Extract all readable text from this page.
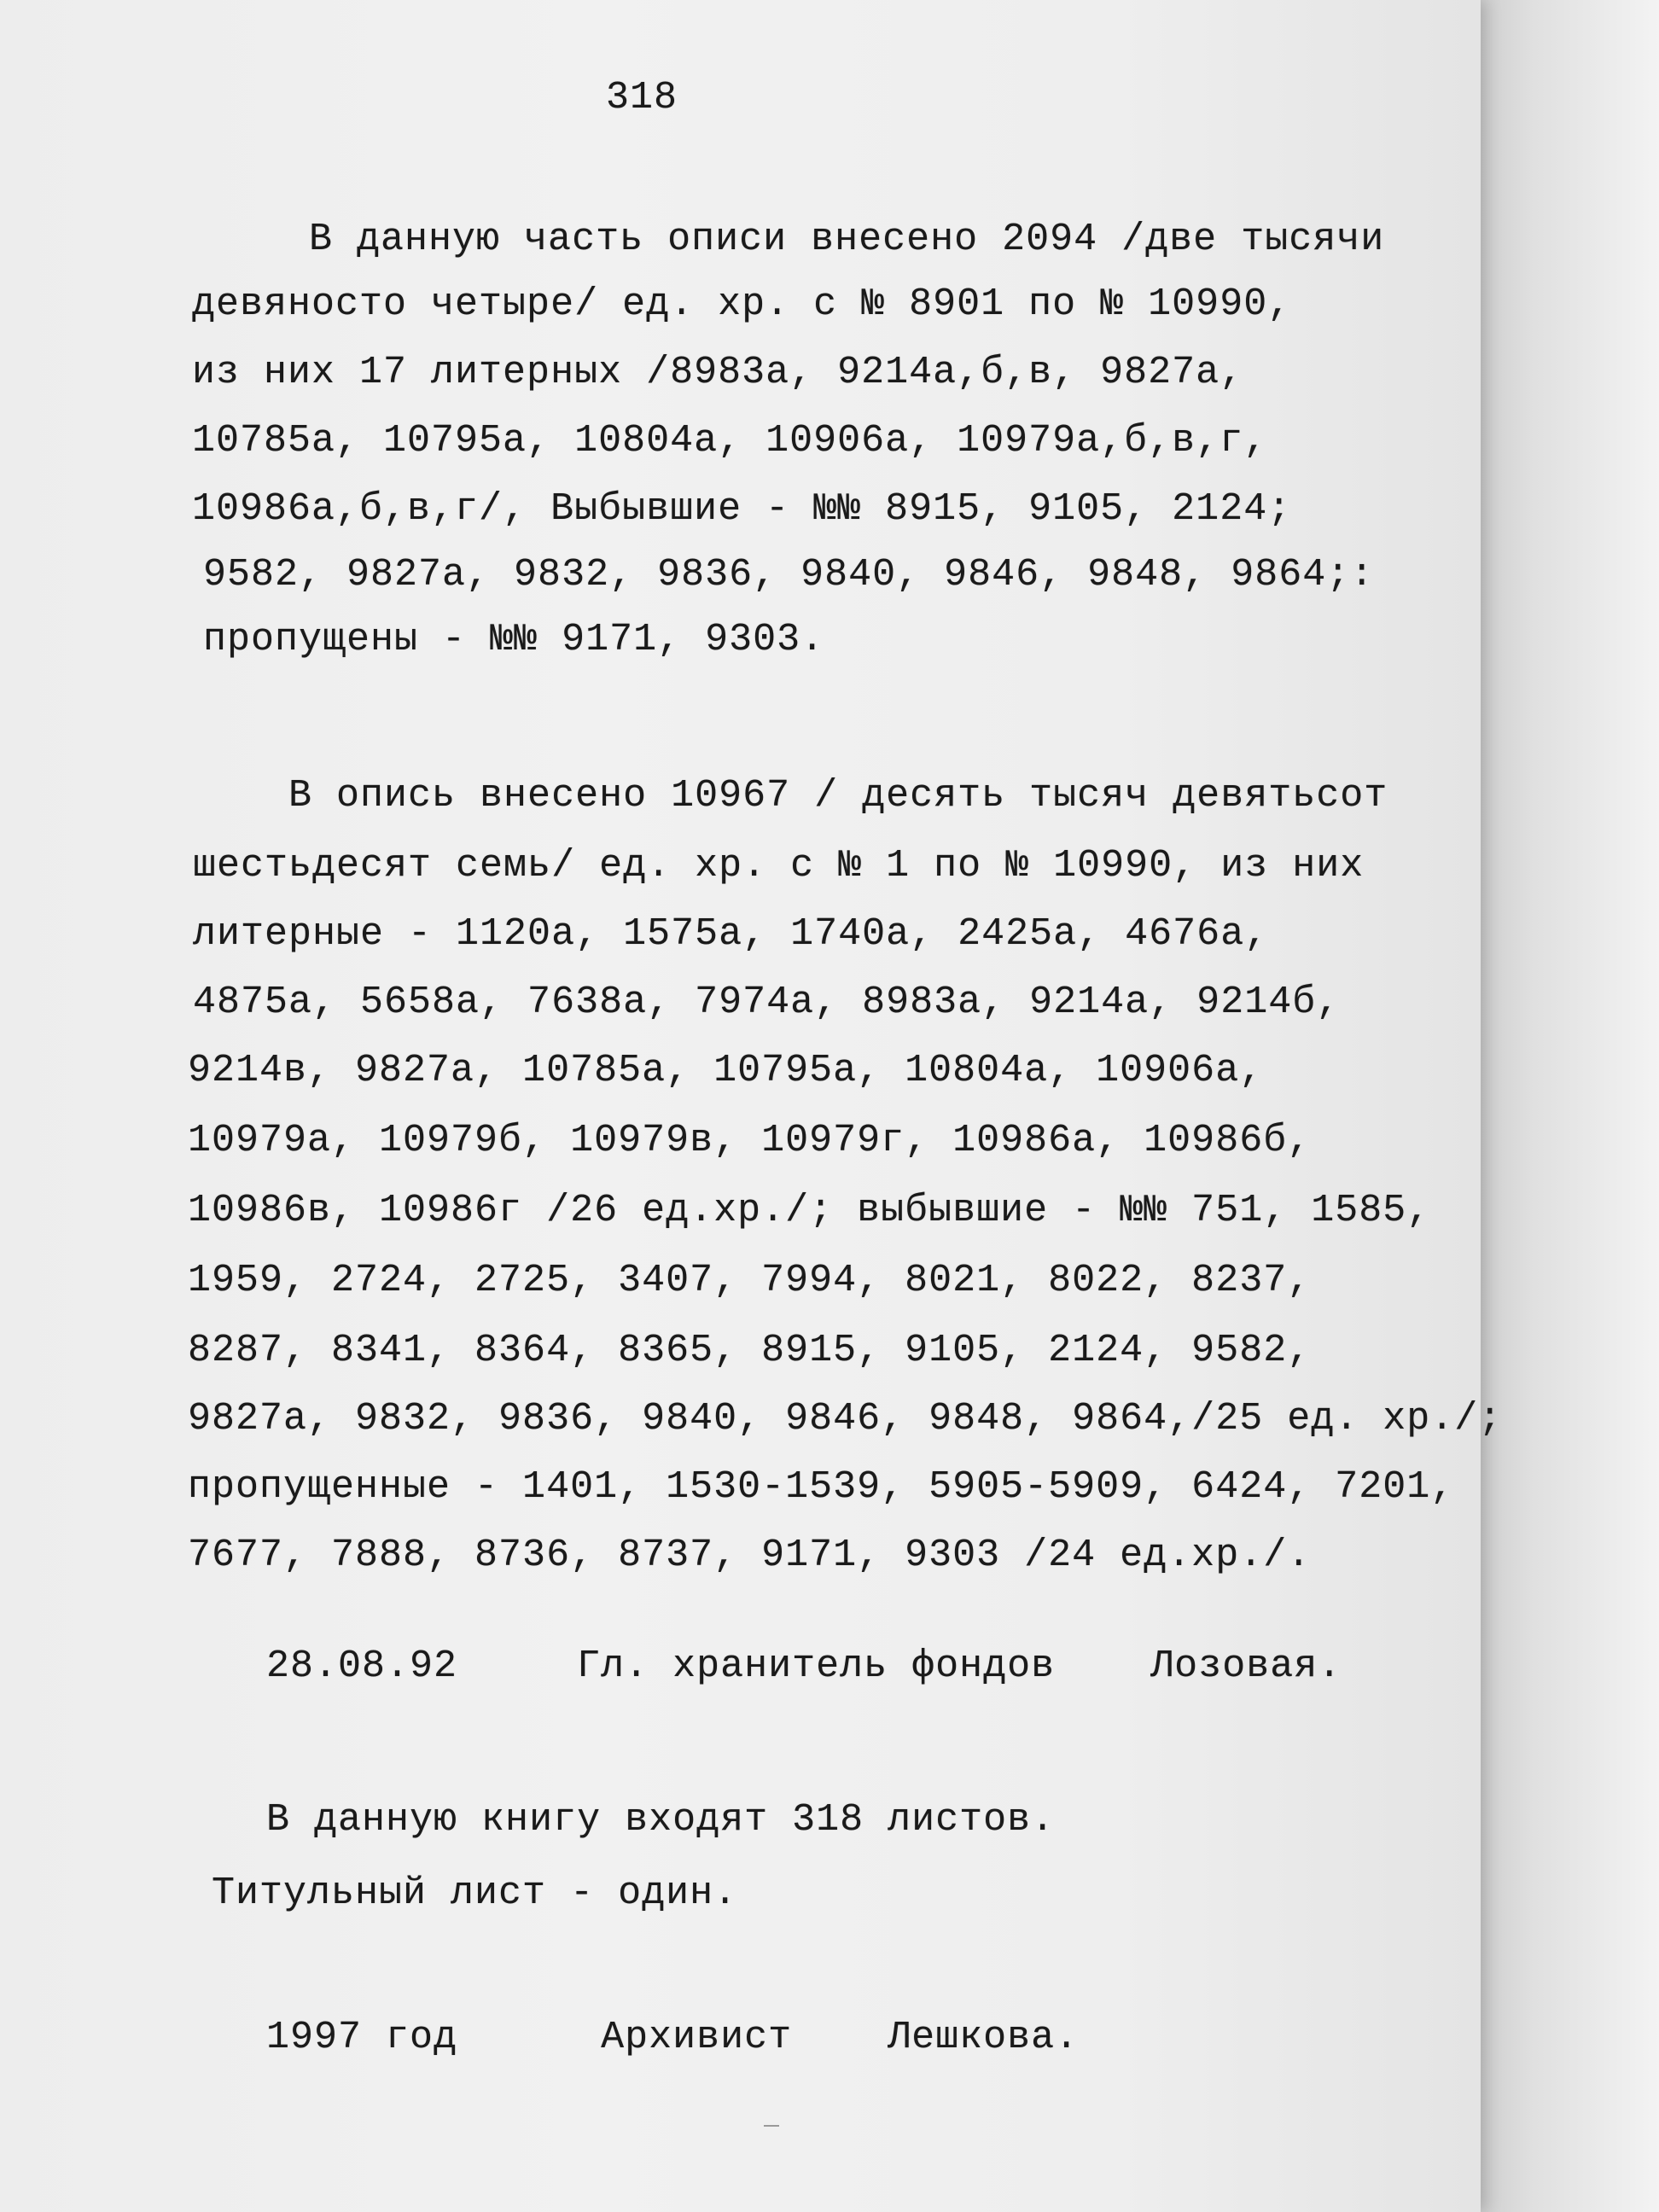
318
В данную часть описи внесено 2094 /две тысячи
девяносто четыре/ ед. хр. с № 8901 по № 10990,
из них 17 литерных /8983а, 9214а,б,в, 9827а,
10785а, 10795а, 10804а, 10906а, 10979а,б,в,г,
10986а,б,в,г/, Выбывшие - №№ 8915, 9105, 2124;
9582, 9827а, 9832, 9836, 9840, 9846, 9848, 9864;:
пропущены - №№ 9171, 9303.
В опись внесено 10967 / десять тысяч девятьсот
шестьдесят семь/ ед. хр. с № 1 по № 10990, из них
литерные - 1120а, 1575а, 1740а, 2425а, 4676а,
4875а, 5658а, 7638а, 7974а, 8983а, 9214а, 9214б,
9214в, 9827а, 10785а, 10795а, 10804а, 10906а,
10979а, 10979б, 10979в, 10979г, 10986а, 10986б,
10986в, 10986г /26 ед.хр./; выбывшие - №№ 751, 1585,
1959, 2724, 2725, 3407, 7994, 8021, 8022, 8237,
8287, 8341, 8364, 8365, 8915, 9105, 2124, 9582,
9827а, 9832, 9836, 9840, 9846, 9848, 9864,/25 ед. хр./;
пропущенные - 1401, 1530-1539, 5905-5909, 6424, 7201,
7677, 7888, 8736, 8737, 9171, 9303 /24 ед.хр./.
28.08.92     Гл. хранитель фондов    Лозовая.
В данную книгу входят 318 листов.
Титульный лист - один.
1997 год      Архивист    Лешкова.
